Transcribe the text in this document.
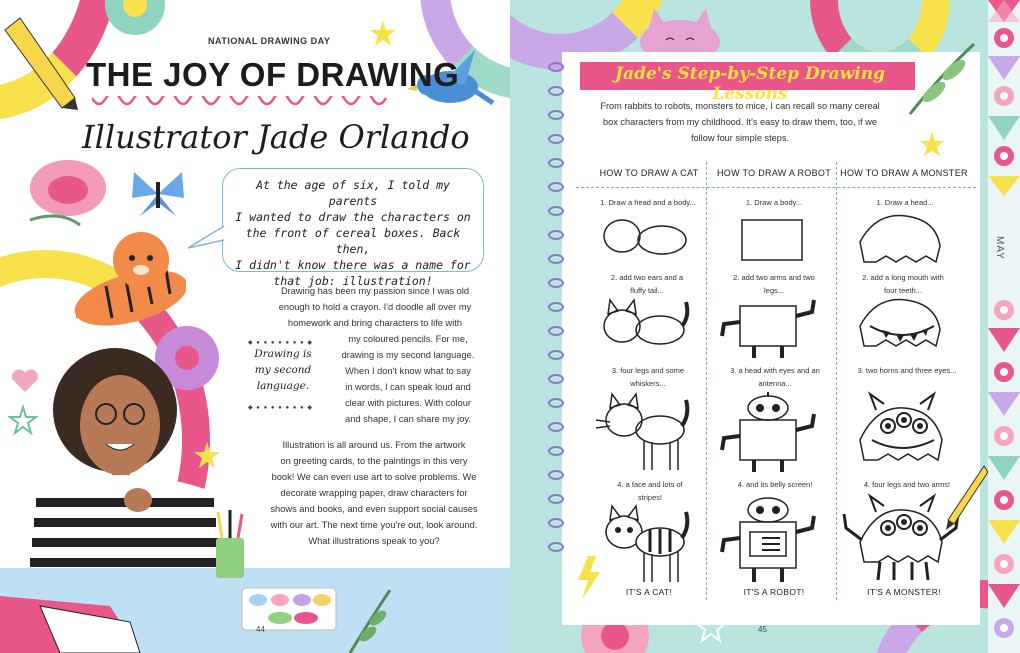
NATIONAL DRAWING DAY
THE JOY OF DRAWING
Illustrator Jade Orlando
At the age of six, I told my parents
I wanted to draw the characters on
the front of cereal boxes. Back then,
I didn't know there was a name for
that job: illustration!
Drawing has been my passion since I was old
enough to hold a crayon. I'd doodle all over my
homework and bring characters to life with
my coloured pencils. For me,
drawing is my second language.
When I don't know what to say
in words, I can speak loud and
clear with pictures. With colour
and shape, I can share my joy.
◆ ● ● ● ● ● ● ● ◆
Drawing is my second language.
◆ ● ● ● ● ● ● ● ◆
Illustration is all around us. From the artwork
on greeting cards, to the paintings in this very
book! We can even use art to solve problems. We
decorate wrapping paper, draw characters for
shows and books, and even support social causes
with our art. The next time you're out, look around.
What illustrations speak to you?
44
Jade's Step-by-Step Drawing Lessons
From rabbits to robots, monsters to mice, I can recall so many cereal
box characters from my childhood. It's easy to draw them, too, if we
follow four simple steps.
HOW TO DRAW A CAT	HOW TO DRAW A ROBOT	HOW TO DRAW A MONSTER
1. Draw a head and a body...
2. add two ears and a fluffy tail...
3. four legs and some whiskers...
4. a face and lots of stripes!
IT'S A CAT!
1. Draw a body...
2. add two arms and two legs...
3. a head with eyes and an antenna...
4. and its belly screen!
IT'S A ROBOT!
1. Draw a head...
2. add a long mouth with four teeth...
3. two horns and three eyes...
4. four legs and two arms!
IT'S A MONSTER!
45
MAY
